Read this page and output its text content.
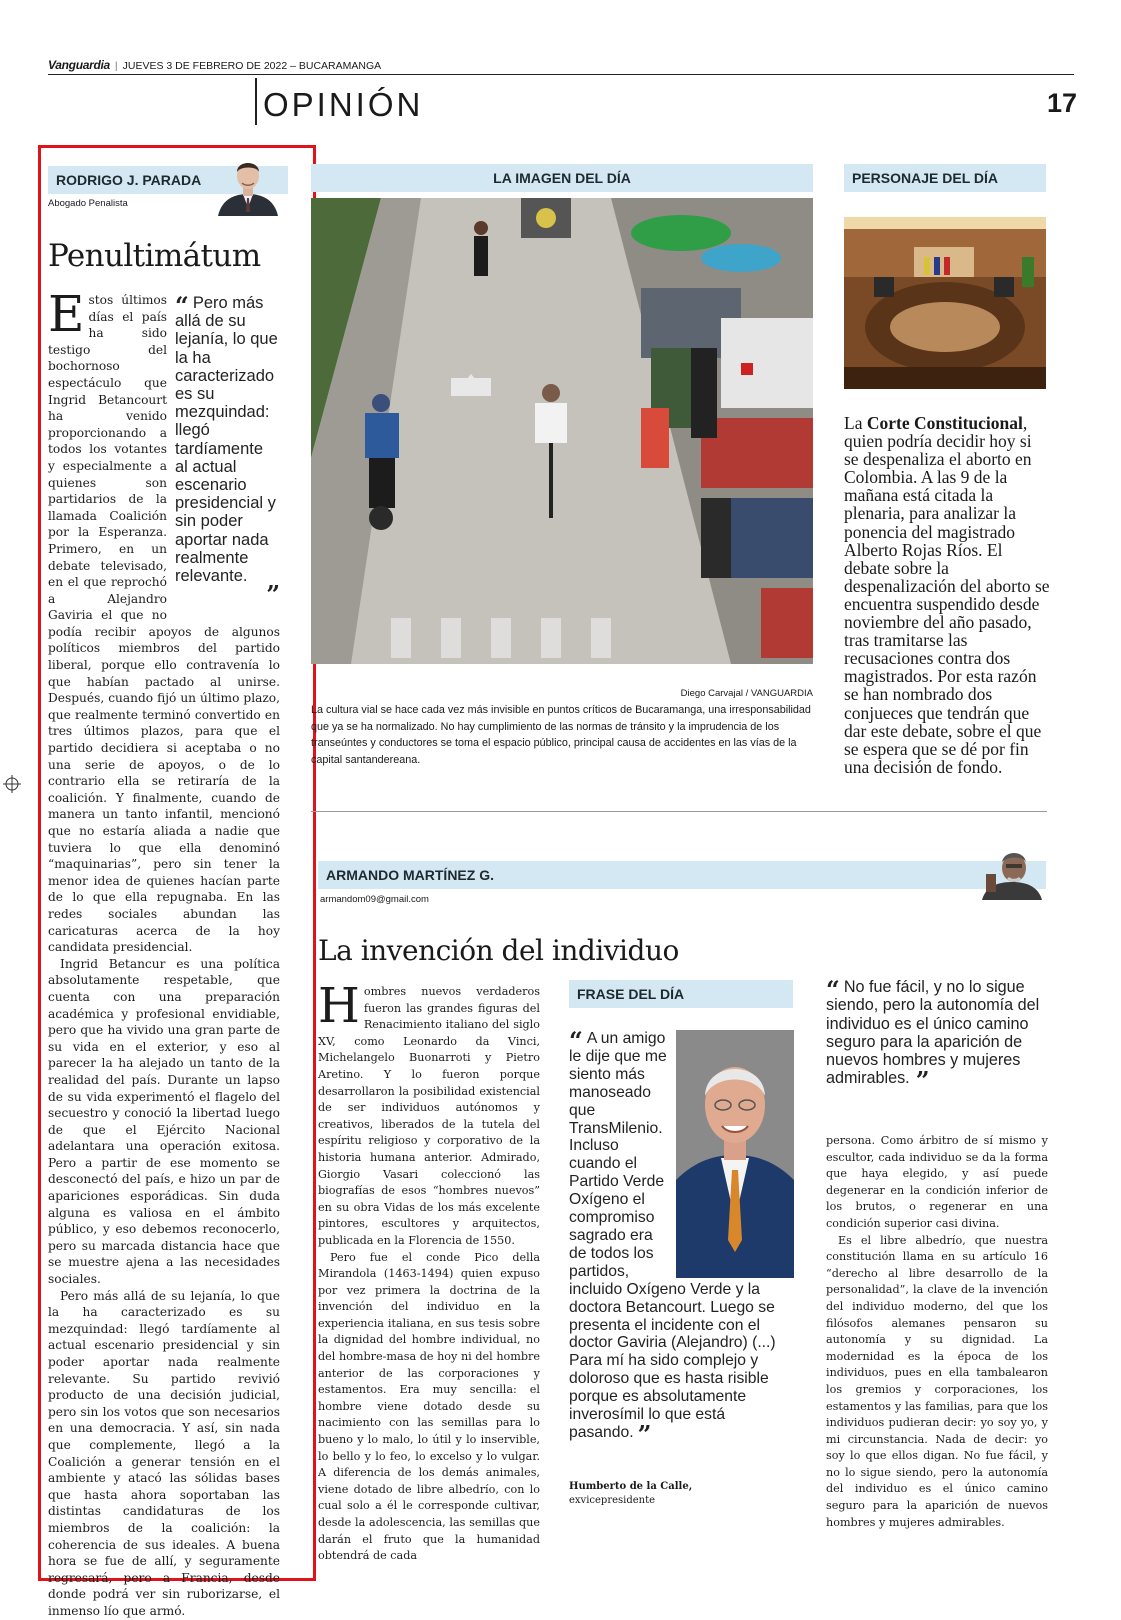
Vanguardia | JUEVES 3 DE FEBRERO DE 2022 – BUCARAMANGA
OPINIÓN	17
RODRIGO J. PARADA
Abogado Penalista
Penultimátum
“ Pero más allá de su lejanía, lo que la ha caracterizado es su mezquindad: llegó tardíamente al actual escenario presidencial y sin poder aportar nada realmente relevante.
”

Estos últimos días el país ha sido testigo del bochornoso espectáculo que Ingrid Betancourt ha venido proporcionando a todos los votantes y especialmente a quienes son partidarios de la llamada Coalición por la Esperanza. Primero, en un debate televisado, en el que reprochó a Alejandro Gaviria el que no podía recibir apoyos de algunos políticos miembros del partido liberal, porque ello contravenía lo que habían pactado al unirse. Después, cuando fijó un último plazo, que realmente terminó convertido en tres últimos plazos, para que el partido decidiera si aceptaba o no una serie de apoyos, o de lo contrario ella se retiraría de la coalición. Y finalmente, cuando de manera un tanto infantil, mencionó que no estaría aliada a nadie que tuviera lo que ella denominó “maquinarias”, pero sin tener la menor idea de quienes hacían parte de lo que ella repugnaba. En las redes sociales abundan las caricaturas acerca de la hoy candidata presidencial.

Ingrid Betancur es una política absolutamente respetable, que cuenta con una preparación académica y profesional envidiable, pero que ha vivido una gran parte de su vida en el exterior, y eso al parecer la ha alejado un tanto de la realidad del país. Durante un lapso de su vida experimentó el flagelo del secuestro y conoció la libertad luego de que el Ejército Nacional adelantara una operación exitosa. Pero a partir de ese momento se desconectó del país, e hizo un par de apariciones esporádicas. Sin duda alguna es valiosa en el ámbito público, y eso debemos reconocerlo, pero su marcada distancia hace que se muestre ajena a las necesidades sociales.

Pero más allá de su lejanía, lo que la ha caracterizado es su mezquindad: llegó tardíamente al actual escenario presidencial y sin poder aportar nada realmente relevante. Su partido revivió producto de una decisión judicial, pero sin los votos que son necesarios en una democracia. Y así, sin nada que complemente, llegó a la Coalición a generar tensión en el ambiente y atacó las sólidas bases que hasta ahora soportaban las distintas candidaturas de los miembros de la coalición: la coherencia de sus ideales. A buena hora se fue de allí, y seguramente regresará, pero a Francia, desde donde podrá ver sin ruborizarse, el inmenso lío que armó.

LA IMAGEN DEL DÍA
Diego Carvajal / VANGUARDIA
La cultura vial se hace cada vez más invisible en puntos críticos de Bucaramanga, una irresponsabilidad que ya se ha normalizado. No hay cumplimiento de las normas de tránsito y la imprudencia de los transeúntes y conductores se toma el espacio público, principal causa de accidentes en las vías de la capital santandereana.
PERSONAJE DEL DÍA
La Corte Constitucional, quien podría decidir hoy si se despenaliza el aborto en Colombia. A las 9 de la mañana está citada la plenaria, para analizar la ponencia del magistrado Alberto Rojas Ríos. El debate sobre la despenalización del aborto se encuentra suspendido desde noviembre del año pasado, tras tramitarse las recusaciones contra dos magistrados. Por esta razón se han nombrado dos conjueces que tendrán que dar este debate, sobre el que se espera que se dé por fin una decisión de fondo.
ARMANDO MARTÍNEZ G.
armandom09@gmail.com
La invención del individuo

Hombres nuevos verdaderos fueron las grandes figuras del Renacimiento italiano del siglo XV, como Leonardo da Vinci, Michelangelo Buonarroti y Pietro Aretino. Y lo fueron porque desarrollaron la posibilidad existencial de ser individuos autónomos y creativos, liberados de la tutela del espíritu religioso y corporativo de la historia humana anterior. Admirado, Giorgio Vasari coleccionó las biografías de esos “hombres nuevos” en su obra Vidas de los más excelente pintores, escultores y arquitectos, publicada en la Florencia de 1550.

Pero fue el conde Pico della Mirandola (1463-1494) quien expuso por vez primera la doctrina de la invención del individuo en la experiencia italiana, en sus tesis sobre la dignidad del hombre individual, no del hombre-masa de hoy ni del hombre anterior de las corporaciones y estamentos. Era muy sencilla: el hombre viene dotado desde su nacimiento con las semillas para lo bueno y lo malo, lo útil y lo inservible, lo bello y lo feo, lo excelso y lo vulgar. A diferencia de los demás animales, viene dotado de libre albedrío, con lo cual solo a él le corresponde cultivar, desde la adolescencia, las semillas que darán el fruto que la humanidad obtendrá de cada

FRASE DEL DÍA
“ A un amigo le dije que me siento más manoseado que TransMilenio. Incluso cuando el Partido Verde Oxígeno el compromiso sagrado era de todos los partidos, incluido Oxígeno Verde y la doctora Betancourt. Luego se presenta el incidente con el doctor Gaviria (Alejandro) (...) Para mí ha sido complejo y doloroso que es hasta risible porque es absolutamente inverosímil lo que está pasando. ”
Humberto de la Calle,
exvicepresidente
“ No fue fácil, y no lo sigue siendo, pero la autonomía del individuo es el único camino seguro para la aparición de nuevos hombres y mujeres admirables. ”

persona. Como árbitro de sí mismo y escultor, cada individuo se da la forma que haya elegido, y así puede degenerar en la condición inferior de los brutos, o regenerar en una condición superior casi divina.

Es el libre albedrío, que nuestra constitución llama en su artículo 16 “derecho al libre desarrollo de la personalidad”, la clave de la invención del individuo moderno, del que los filósofos alemanes pensaron su autonomía y su dignidad. La modernidad es la época de los individuos, pues en ella tambalearon los gremios y corporaciones, los estamentos y las familias, para que los individuos pudieran decir: yo soy yo, y mi circunstancia. Nada de decir: yo soy lo que ellos digan. No fue fácil, y no lo sigue siendo, pero la autonomía del individuo es el único camino seguro para la aparición de nuevos hombres y mujeres admirables.
